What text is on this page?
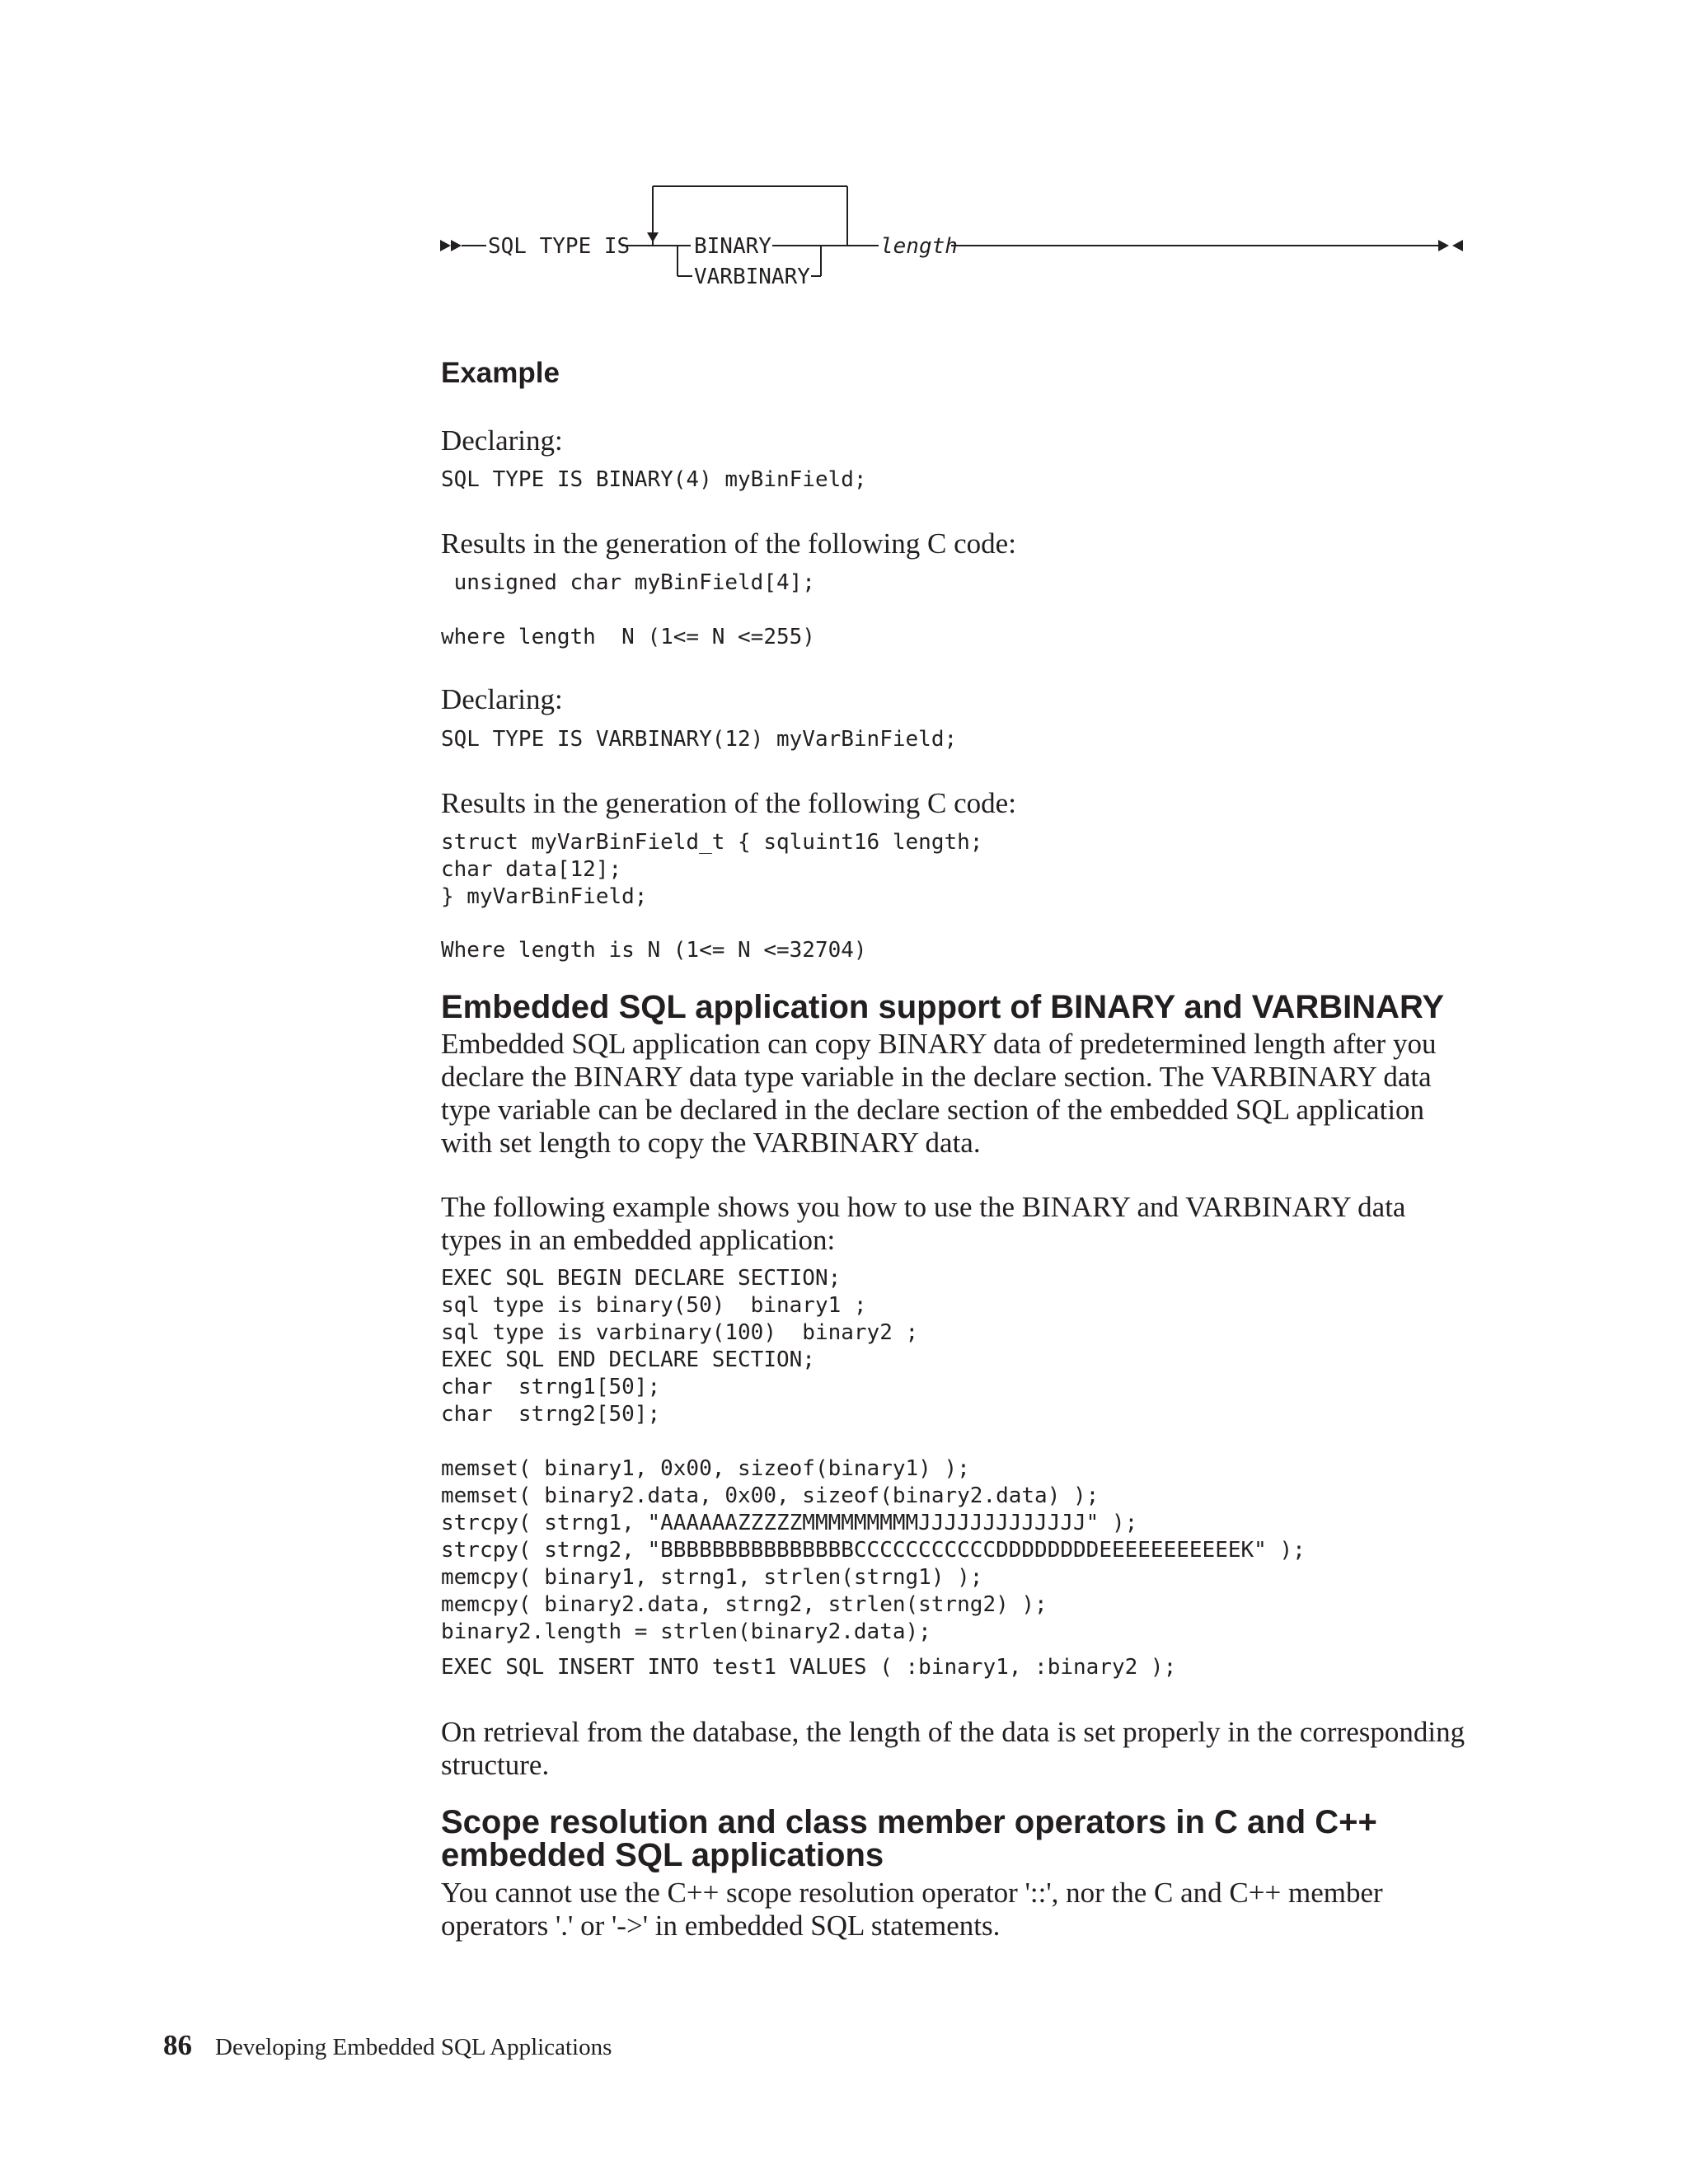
SQL TYPE IS	BINARY
VARBINARY
length
Example

Declaring:

SQL TYPE IS BINARY(4) myBinField;

Results in the generation of the following C code:

unsigned char myBinField[4];
where length  N (1<= N <=255)

Declaring:

SQL TYPE IS VARBINARY(12) myVarBinField;

Results in the generation of the following C code:

struct myVarBinField_t { sqluint16 length;
char data[12];
} myVarBinField;
Where length is N (1<= N <=32704)
Embedded SQL application support of BINARY and VARBINARY

Embedded SQL application can copy BINARY data of predetermined length after you declare the BINARY data type variable in the declare section. The VARBINARY data type variable can be declared in the declare section of the embedded SQL application with set length to copy the VARBINARY data.

The following example shows you how to use the BINARY and VARBINARY data types in an embedded application:

EXEC SQL BEGIN DECLARE SECTION;
sql type is binary(50)  binary1 ;
sql type is varbinary(100)  binary2 ;
EXEC SQL END DECLARE SECTION;
char  strng1[50];
char  strng2[50];
memset( binary1, 0x00, sizeof(binary1) );
memset( binary2.data, 0x00, sizeof(binary2.data) );
strcpy( strng1, "AAAAAAZZZZZMMMMMMMMMJJJJJJJJJJJJJ" );
strcpy( strng2, "BBBBBBBBBBBBBBBCCCCCCCCCCCDDDDDDDDEEEEEEEEEEEK" );
memcpy( binary1, strng1, strlen(strng1) );
memcpy( binary2.data, strng2, strlen(strng2) );
binary2.length = strlen(binary2.data);
EXEC SQL INSERT INTO test1 VALUES ( :binary1, :binary2 );

On retrieval from the database, the length of the data is set properly in the corresponding structure.

Scope resolution and class member operators in C and C++ embedded SQL applications

You cannot use the C++ scope resolution operator '::', nor the C and C++ member operators '.' or '->' in embedded SQL statements.

86 Developing Embedded SQL Applications
